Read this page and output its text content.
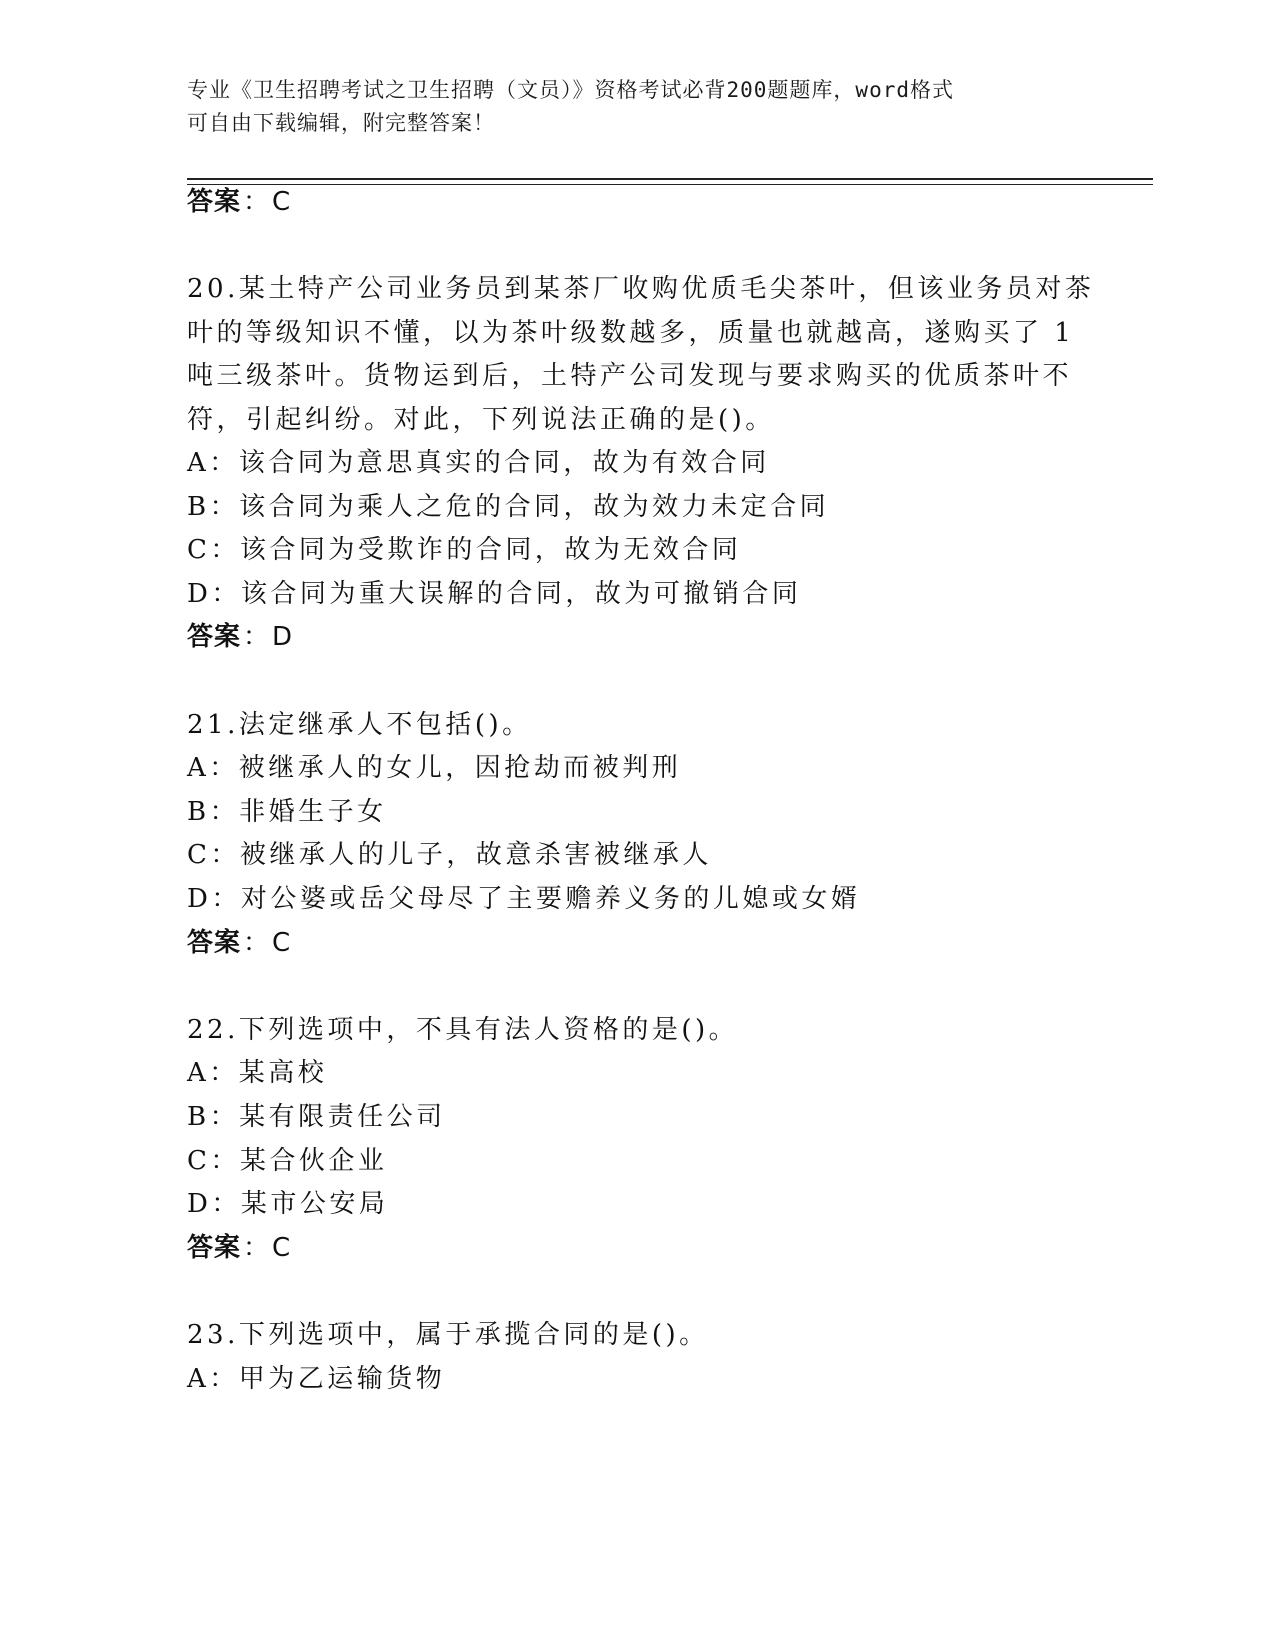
专业《卫生招聘考试之卫生招聘（文员）》资格考试必背200题题库，word格式
可自由下载编辑，附完整答案！
答案：C
20.某土特产公司业务员到某茶厂收购优质毛尖茶叶，但该业务员对茶
叶的等级知识不懂，以为茶叶级数越多，质量也就越高，遂购买了 1
吨三级茶叶。货物运到后，土特产公司发现与要求购买的优质茶叶不
符，引起纠纷。对此，下列说法正确的是()。
A：该合同为意思真实的合同，故为有效合同
B：该合同为乘人之危的合同，故为效力未定合同
C：该合同为受欺诈的合同，故为无效合同
D：该合同为重大误解的合同，故为可撤销合同
答案：D
21.法定继承人不包括()。
A：被继承人的女儿，因抢劫而被判刑
B：非婚生子女
C：被继承人的儿子，故意杀害被继承人
D：对公婆或岳父母尽了主要赡养义务的儿媳或女婿
答案：C
22.下列选项中，不具有法人资格的是()。
A：某高校
B：某有限责任公司
C：某合伙企业
D：某市公安局
答案：C
23.下列选项中，属于承揽合同的是()。
A：甲为乙运输货物
